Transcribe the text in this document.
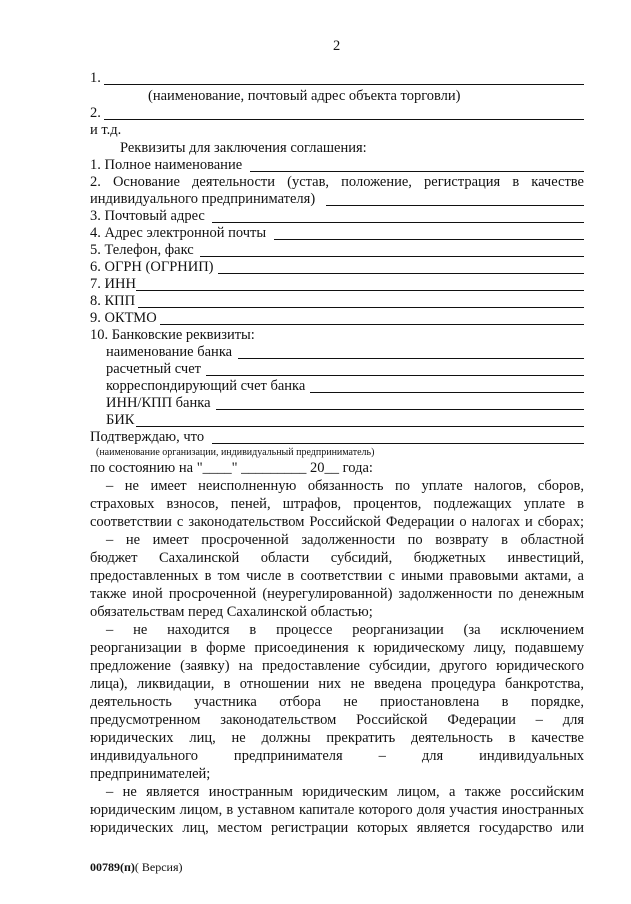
2
1.
(наименование, почтовый адрес объекта торговли)
2.
и т.д.
Реквизиты для заключения соглашения:
1. Полное наименование
2. Основание деятельности (устав, положение, регистрация в качестве
индивидуального предпринимателя)
3. Почтовый адрес
4. Адрес электронной почты
5. Телефон, факс
6. ОГРН (ОГРНИП)
7. ИНН
8. КПП
9. ОКТМО
10. Банковские реквизиты:
наименование банка
расчетный счет
корреспондирующий счет банка
ИНН/КПП банка
БИК
Подтверждаю, что
(наименование организации, индивидуальный предприниматель)
по состоянию на "____" _________ 20__ года:
– не имеет неисполненную обязанность по уплате налогов, сборов,
страховых взносов, пеней, штрафов, процентов, подлежащих уплате в
соответствии с законодательством Российской Федерации о налогах и сборах;
– не имеет просроченной задолженности по возврату в областной
бюджет Сахалинской области субсидий, бюджетных инвестиций,
предоставленных в том числе в соответствии с иными правовыми актами, а
также иной просроченной (неурегулированной) задолженности по денежным
обязательствам перед Сахалинской областью;
– не находится в процессе реорганизации (за исключением
реорганизации в форме присоединения к юридическому лицу, подавшему
предложение (заявку) на предоставление субсидии, другого юридического
лица), ликвидации, в отношении них не введена процедура банкротства,
деятельность участника отбора не приостановлена в порядке,
предусмотренном законодательством Российской Федерации – для
юридических лиц, не должны прекратить деятельность в качестве
индивидуального предпринимателя – для индивидуальных
предпринимателей;
– не является иностранным юридическим лицом, а также российским
юридическим лицом, в уставном капитале которого доля участия иностранных
юридических лиц, местом регистрации которых является государство или
00789(п)( Версия)
